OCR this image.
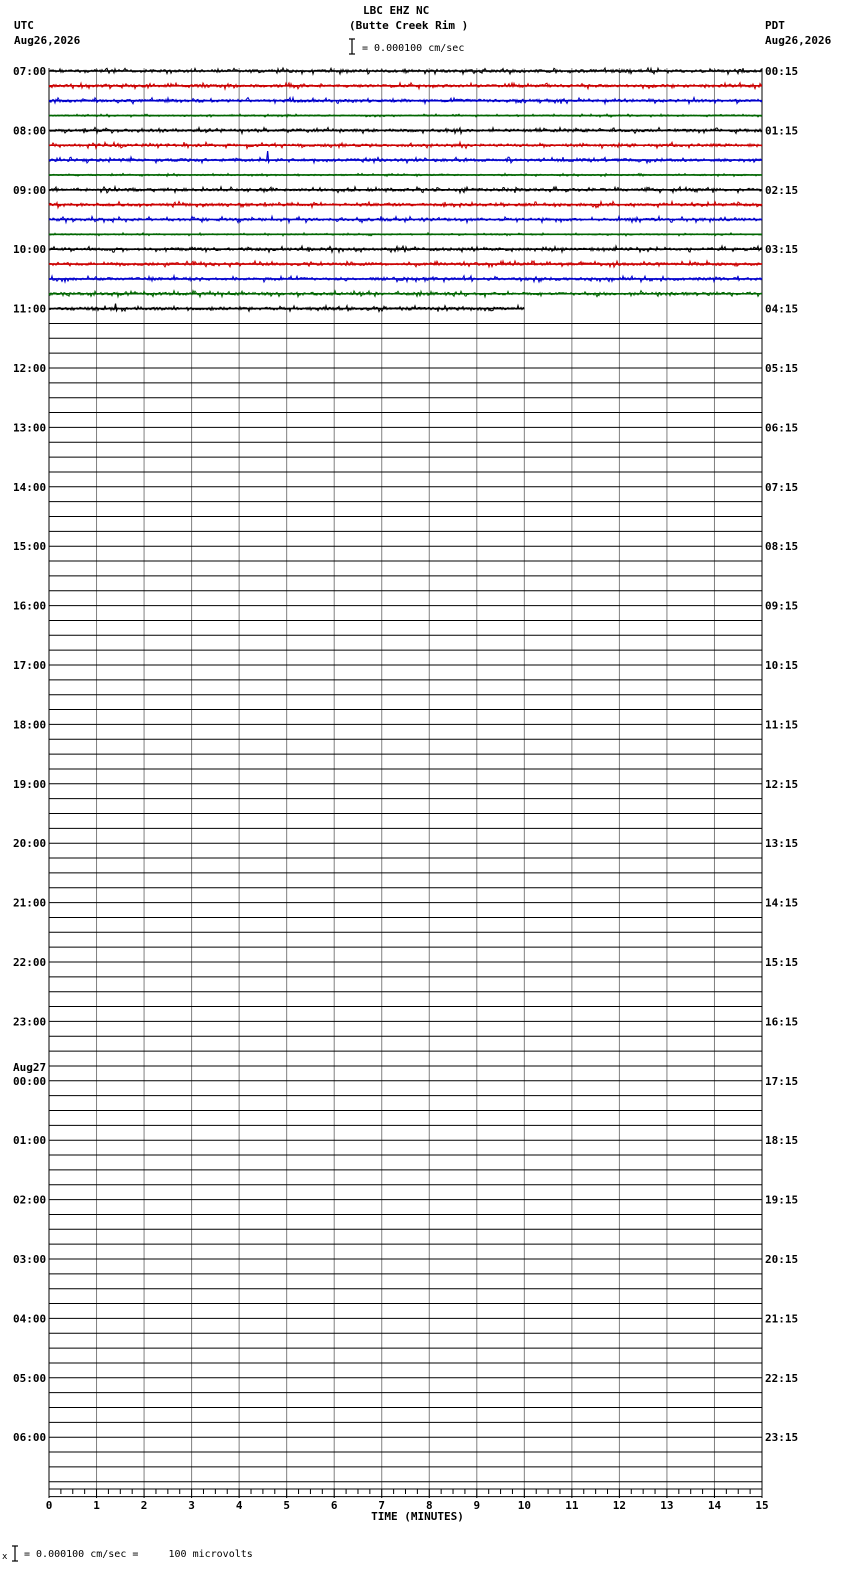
LBC EHZ NC
(Butte Creek Rim )
UTC
Aug26,2026
PDT
Aug26,2026
= 0.000100 cm/sec
07:00
08:00
09:00
10:00
11:00
12:00
13:00
14:00
15:00
16:00
17:00
18:00
19:00
20:00
21:00
22:00
23:00
00:00
01:00
02:00
03:00
04:00
05:00
06:00
Aug27
00:15
01:15
02:15
03:15
04:15
05:15
06:15
07:15
08:15
09:15
10:15
11:15
12:15
13:15
14:15
15:15
16:15
17:15
18:15
19:15
20:15
21:15
22:15
23:15
0	1	2	3	4	5	6	7	8	9	10	11	12	13	14	15
TIME (MINUTES)
x = 0.000100 cm/sec =     100 microvolts
